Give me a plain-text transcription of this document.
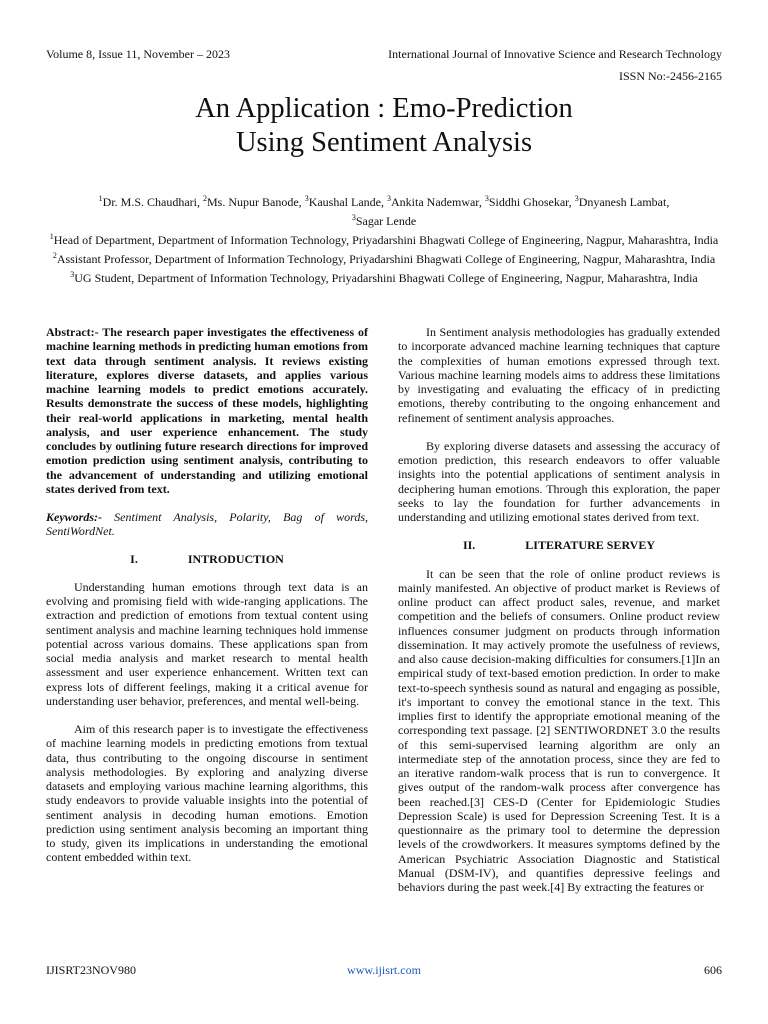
Volume 8, Issue 11, November – 2023	International Journal of Innovative Science and Research Technology
ISSN No:-2456-2165
An Application : Emo-Prediction
Using Sentiment Analysis

$^1$Dr. M.S. Chaudhari, $^2$Ms. Nupur Banode, $^3$Kaushal Lande, $^3$Ankita Nademwar, $^3$Siddhi Ghosekar, $^3$Dnyanesh Lambat,
$^3$Sagar Lende

$^1$Head of Department, Department of Information Technology, Priyadarshini Bhagwati College of Engineering, Nagpur, Maharashtra, India

$^2$Assistant Professor, Department of Information Technology, Priyadarshini Bhagwati College of Engineering, Nagpur, Maharashtra, India

$^3$UG Student, Department of Information Technology, Priyadarshini Bhagwati College of Engineering, Nagpur, Maharashtra, India

Abstract:- The research paper investigates the effectiveness of machine learning methods in predicting human emotions from text data through sentiment analysis. It reviews existing literature, explores diverse datasets, and applies various machine learning models to predict emotions accurately. Results demonstrate the success of these models, highlighting their real-world applications in marketing, mental health analysis, and user experience enhancement. The study concludes by outlining future research directions for improved emotion prediction using sentiment analysis, contributing to the advancement of understanding and utilizing emotional states derived from text.

Keywords:- Sentiment Analysis, Polarity, Bag of words, SentiWordNet.

I.	INTRODUCTION

Understanding human emotions through text data is an evolving and promising field with wide-ranging applications. The extraction and prediction of emotions from textual content using sentiment analysis and machine learning techniques hold immense potential across various domains. These applications span from social media analysis and market research to mental health assessment and user experience enhancement. Written text can express lots of different feelings, making it a critical avenue for understanding user behavior, preferences, and mental well-being.

Aim of this research paper is to investigate the effectiveness of machine learning models in predicting emotions from textual data, thus contributing to the ongoing discourse in sentiment analysis methodologies. By exploring and analyzing diverse datasets and employing various machine learning algorithms, this study endeavors to provide valuable insights into the potential of sentiment analysis in decoding human emotions. Emotion prediction using sentiment analysis becoming an important thing to study, given its implications in understanding the emotional content embedded within text.

In Sentiment analysis methodologies has gradually extended to incorporate advanced machine learning techniques that capture the complexities of human emotions expressed through text. Various machine learning models aims to address these limitations by investigating and evaluating the efficacy of in predicting emotions, thereby contributing to the ongoing enhancement and refinement of sentiment analysis approaches.

By exploring diverse datasets and assessing the accuracy of emotion prediction, this research endeavors to offer valuable insights into the potential applications of sentiment analysis in deciphering human emotions. Through this exploration, the paper seeks to lay the foundation for further advancements in understanding and utilizing emotional states derived from text.

II.	LITERATURE SERVEY

It can be seen that the role of online product reviews is mainly manifested. An objective of product market is Reviews of online product can affect product sales, revenue, and market competition and the beliefs of consumers. Online product review influences consumer judgment on products through information dissemination. It may actively promote the usefulness of reviews, and also cause decision-making difficulties for consumers.[1]In an empirical study of text-based emotion prediction. In order to make text-to-speech synthesis sound as natural and engaging as possible, it's important to convey the emotional stance in the text. This implies first to identify the appropriate emotional meaning of the corresponding text passage. [2] SENTIWORDNET 3.0 the results of this semi-supervised learning algorithm are only an intermediate step of the annotation process, since they are fed to an iterative random-walk process that is run to convergence. It gives output of the random-walk process after convergence has been reached.[3] CES-D (Center for Epidemiologic Studies Depression Scale) is used for Depression Screening Test. It is a questionnaire as the primary tool to determine the depression levels of the crowdworkers. It measures symptoms defined by the American Psychiatric Association Diagnostic and Statistical Manual (DSM-IV), and quantifies depressive feelings and behaviors during the past week.[4] By extracting the features or

IJISRT23NOV980	www.ijisrt.com	606
